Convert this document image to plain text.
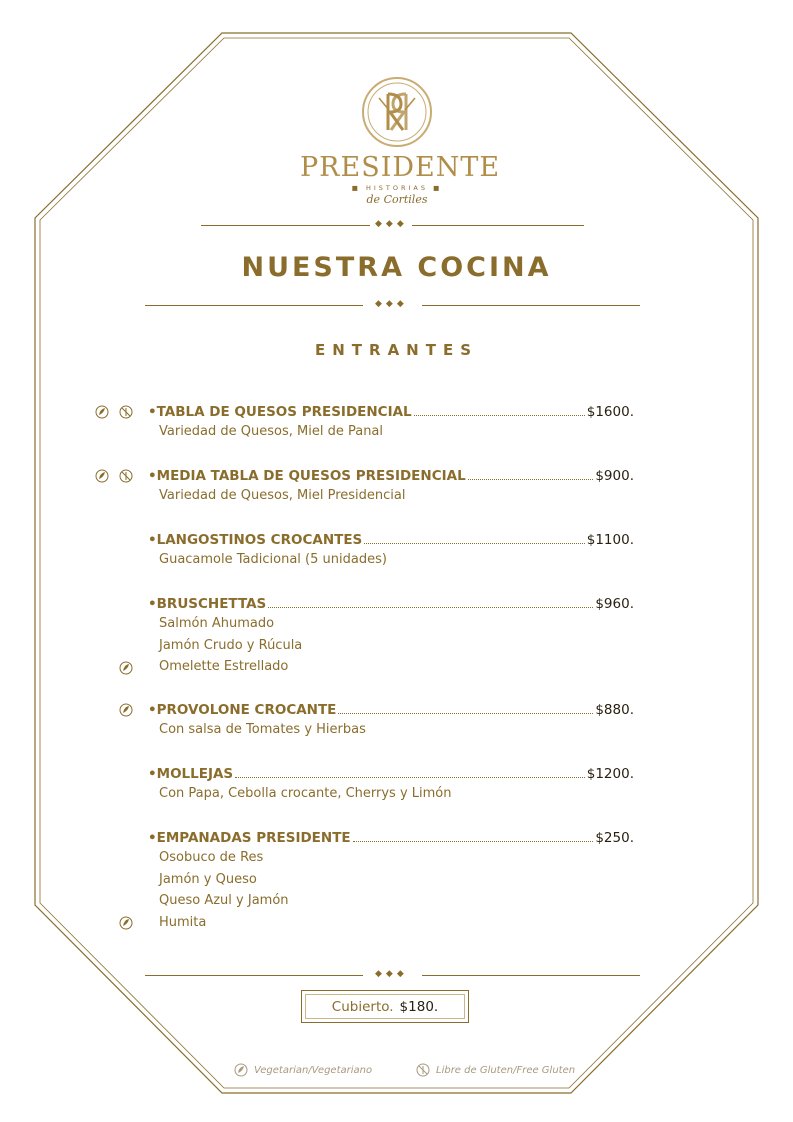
PRESIDENTE
■ HISTORIAS ■
de Cortiles
◆◆◆
NUESTRA COCINA
◆◆◆
ENTRANTES
•TABLA DE QUESOS PRESIDENCIAL	$1600.
Variedad de Quesos, Miel de Panal
•MEDIA TABLA DE QUESOS PRESIDENCIAL	$900.
Variedad de Quesos, Miel Presidencial
•LANGOSTINOS CROCANTES	$1100.
Guacamole Tadicional (5 unidades)
•BRUSCHETTAS	$960.
Salmón Ahumado
Jamón Crudo y Rúcula
Omelette Estrellado
•PROVOLONE CROCANTE	$880.
Con salsa de Tomates y Hierbas
•MOLLEJAS	$1200.
Con Papa, Cebolla crocante, Cherrys y Limón
•EMPANADAS PRESIDENTE	$250.
Osobuco de Res
Jamón y Queso
Queso Azul y Jamón
Humita
◆◆◆
Cubierto. $180.
Vegetarian/Vegetariano	Libre de Gluten/Free Gluten
